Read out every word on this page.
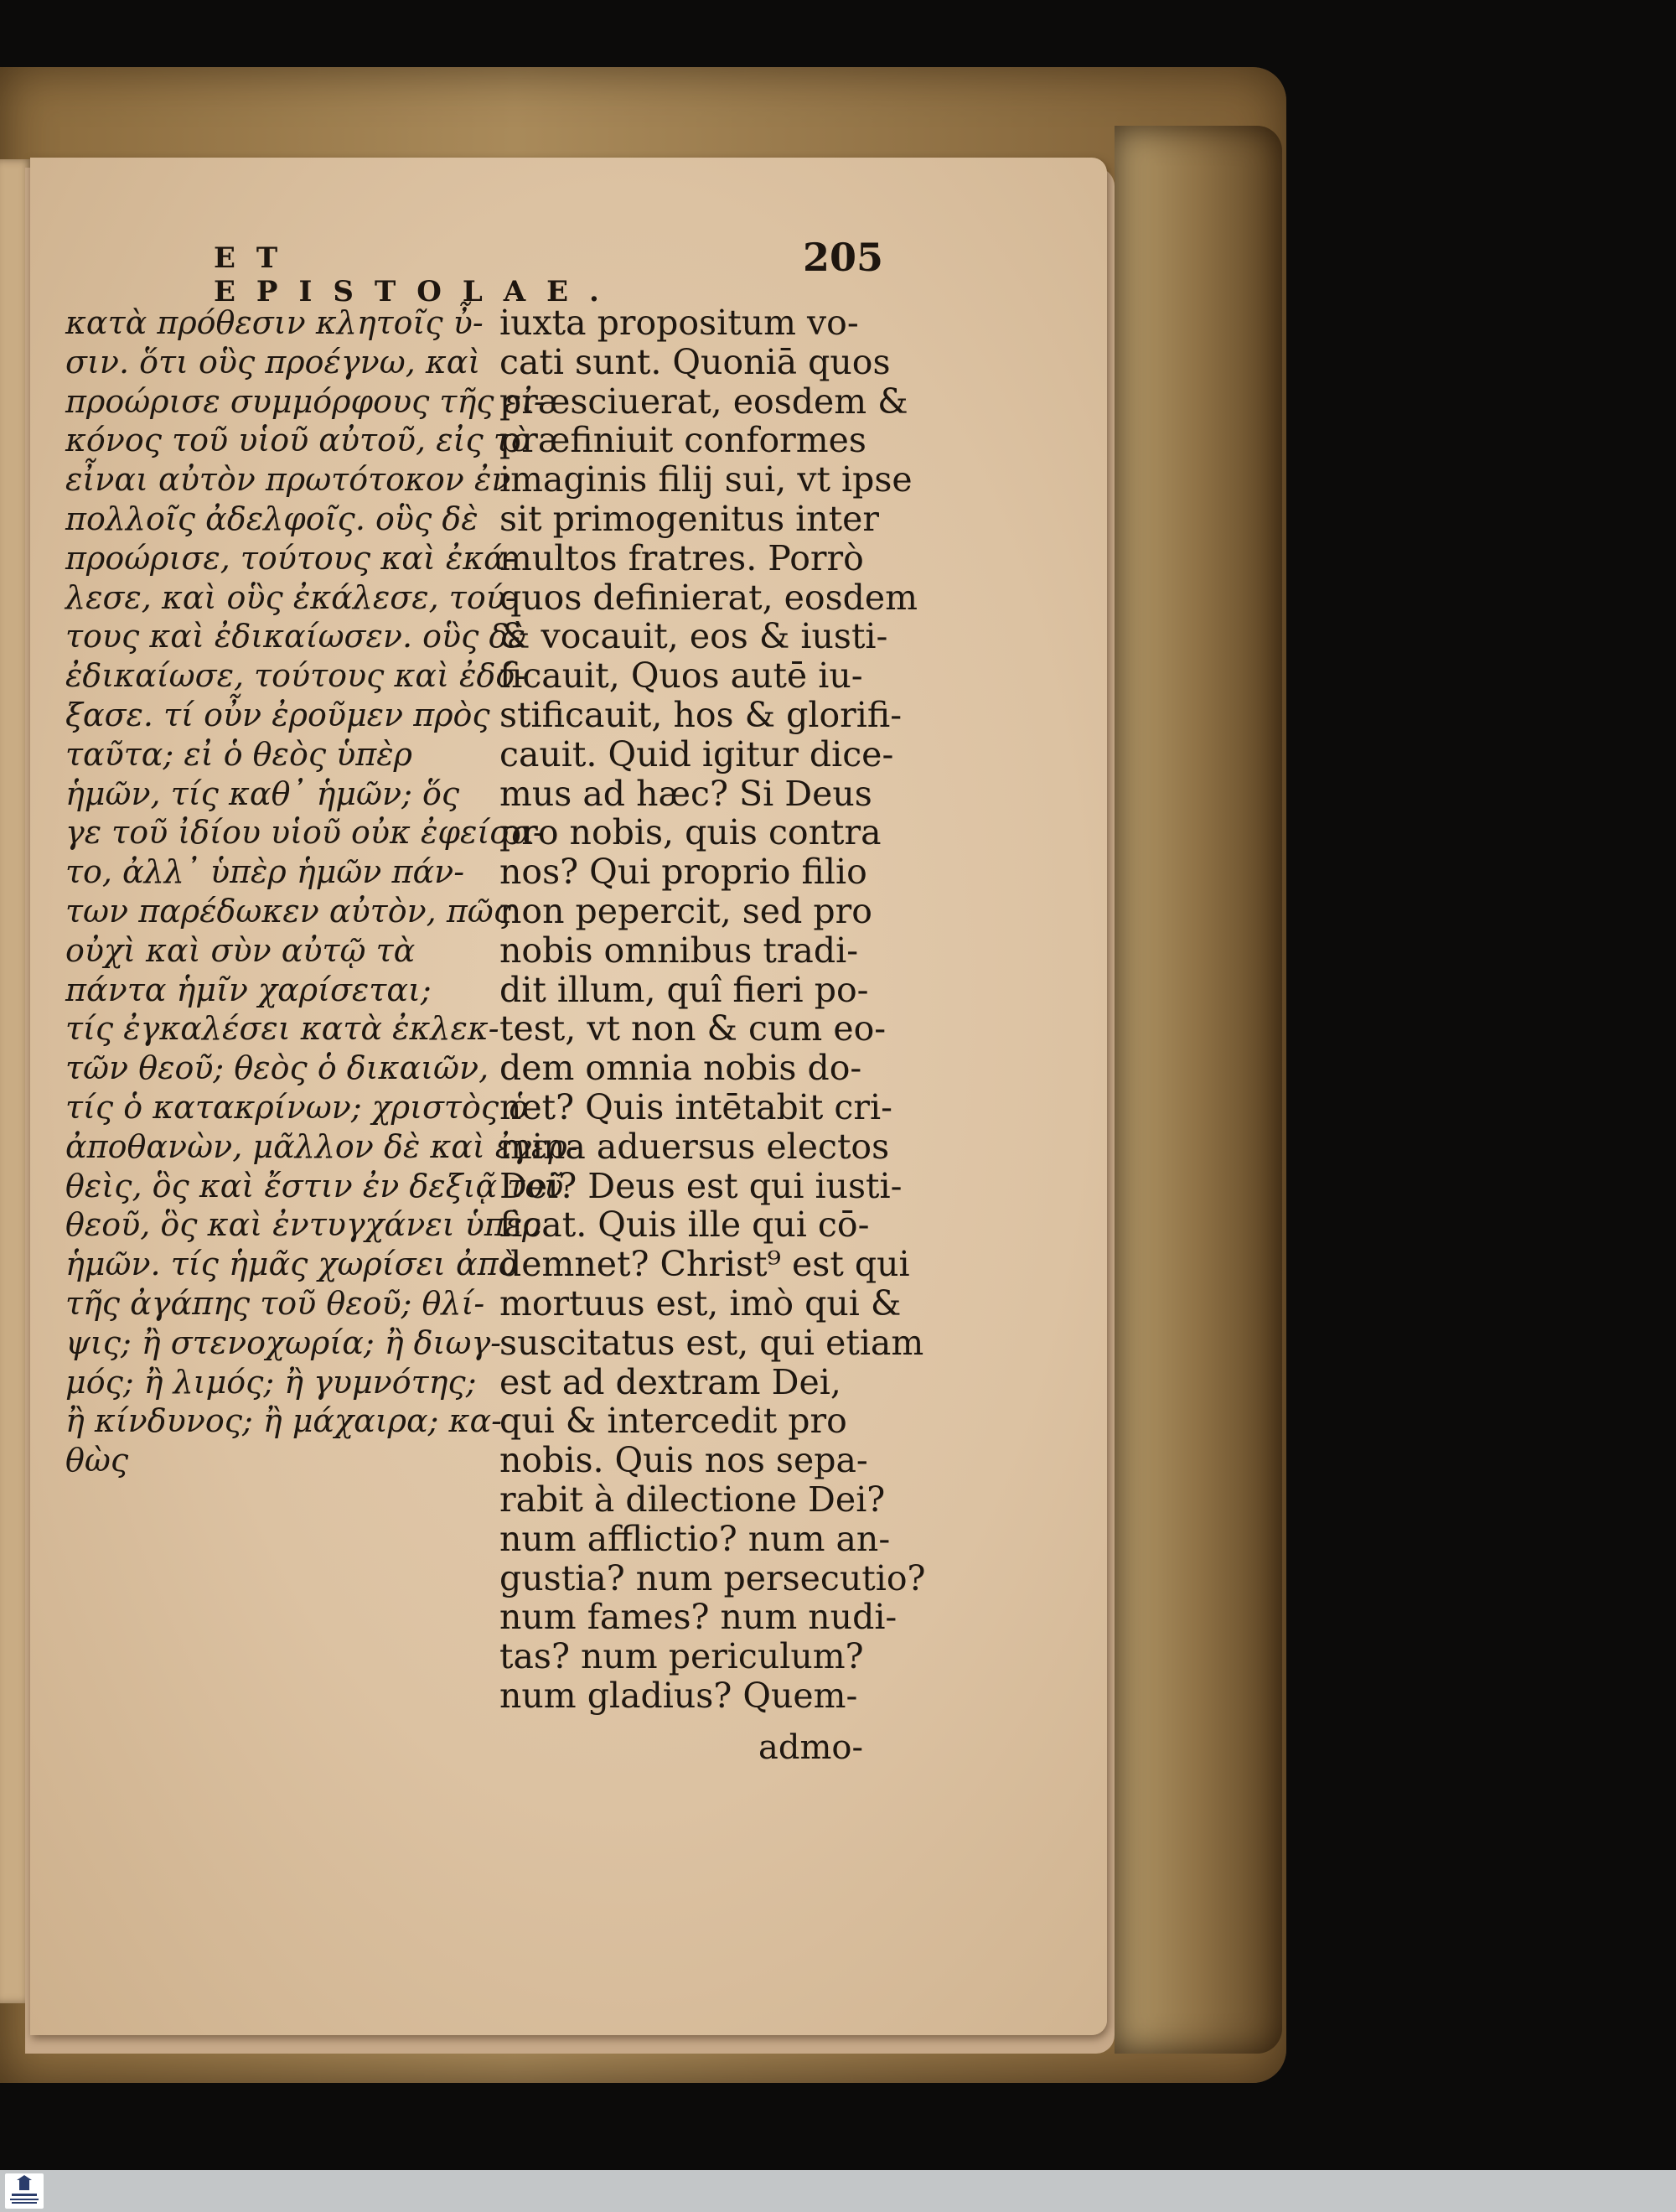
ET EPISTOLAE.
205
κατὰ πρόθεσιν κλητοῖς ὖ-
σιν. ὅτι οὓς προέγνω, καὶ
προώρισε συμμόρφους τῆς εἰ-
κόνος τοῦ υἱοῦ αὐτοῦ, εἰς τὸ
εἶναι αὐτὸν πρωτότοκον ἐν
πολλοῖς ἀδελφοῖς. οὓς δὲ
προώρισε, τούτους καὶ ἐκά-
λεσε, καὶ οὓς ἐκάλεσε, τού-
τους καὶ ἐδικαίωσεν. οὓς δὲ
ἐδικαίωσε, τούτους καὶ ἐδό-
ξασε. τί οὖν ἐροῦμεν πρὸς
ταῦτα; εἰ ὁ θεὸς ὑπὲρ
ἡμῶν, τίς καθ᾽ ἡμῶν; ὅς
γε τοῦ ἰδίου υἱοῦ οὐκ ἐφείσα-
το, ἀλλ᾽ ὑπὲρ ἡμῶν πάν-
των παρέδωκεν αὐτὸν, πῶς
οὐχὶ καὶ σὺν αὐτῷ τὰ
πάντα ἡμῖν χαρίσεται;
τίς ἐγκαλέσει κατὰ ἐκλεκ-
τῶν θεοῦ; θεὸς ὁ δικαιῶν,
τίς ὁ κατακρίνων; χριστὸς ὁ
ἀποθανὼν, μᾶλλον δὲ καὶ ἐγερ-
θεὶς, ὃς καὶ ἔστιν ἐν δεξιᾷ τοῦ
θεοῦ, ὃς καὶ ἐντυγχάνει ὑπὲρ
ἡμῶν. τίς ἡμᾶς χωρίσει ἀπὸ
τῆς ἀγάπης τοῦ θεοῦ; θλί-
ψις; ἢ στενοχωρία; ἢ διωγ-
μός; ἢ λιμός; ἢ γυμνότης;
ἢ κίνδυνος; ἢ μάχαιρα; κα-
θὼς
iuxta propositum vo-
cati sunt. Quoniā quos
præsciuerat, eosdem &
præfiniuit conformes
imaginis filij sui, vt ipse
sit primogenitus inter
multos fratres. Porrò
quos definierat, eosdem
& vocauit, eos & iusti-
ficauit, Quos autē iu-
stificauit, hos & glorifi-
cauit. Quid igitur dice-
mus ad hæc? Si Deus
pro nobis, quis contra
nos? Qui proprio filio
non pepercit, sed pro
nobis omnibus tradi-
dit illum, quî fieri po-
test, vt non & cum eo-
dem omnia nobis do-
net? Quis intētabit cri-
mina aduersus electos
Dei? Deus est qui iusti-
ficat. Quis ille qui cō-
demnet? Christ⁹ est qui
mortuus est, imò qui &
suscitatus est, qui etiam
est ad dextram Dei,
qui & intercedit pro
nobis. Quis nos sepa-
rabit à dilectione Dei?
num afflictio? num an-
gustia? num persecutio?
num fames? num nudi-
tas? num periculum?
num gladius? Quem-
admo-
